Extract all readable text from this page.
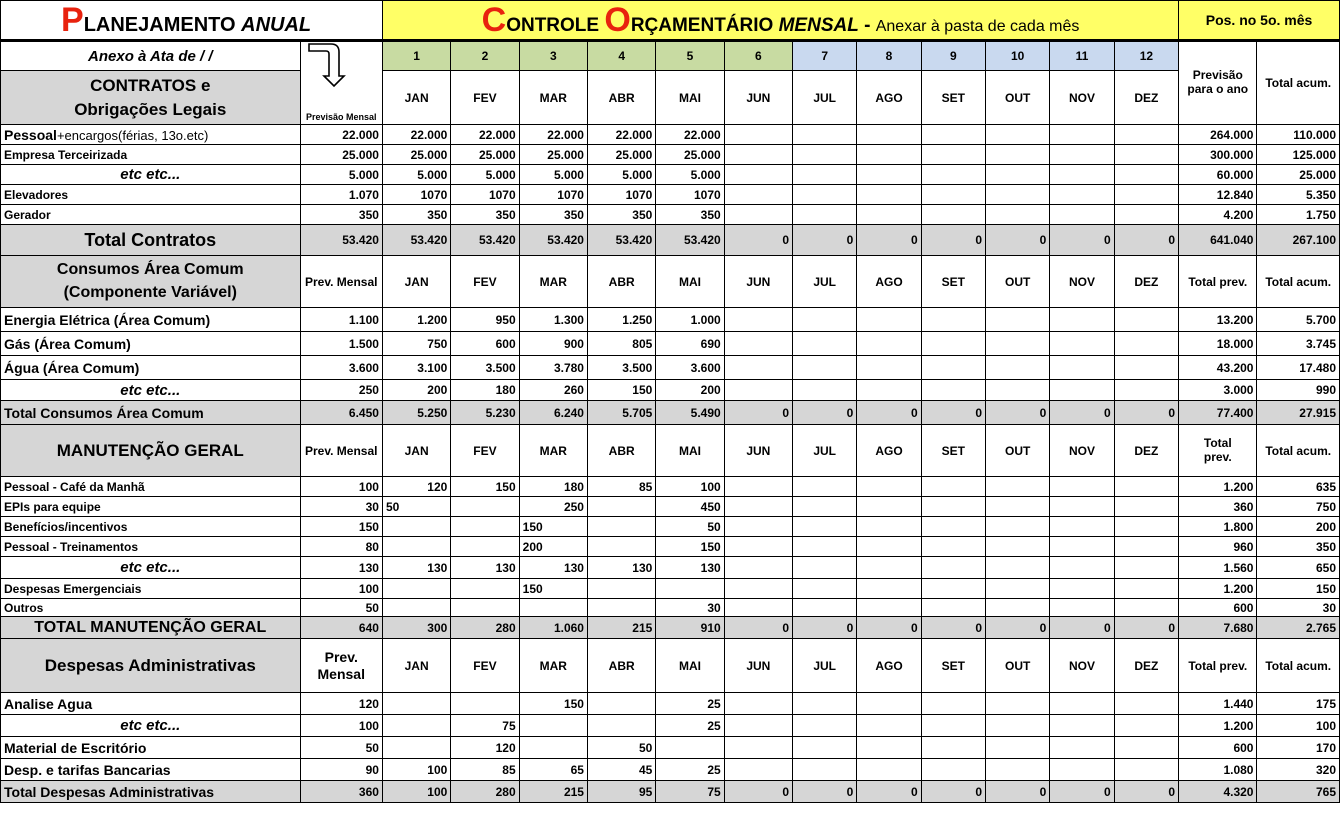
PLANEJAMENTO ANUAL		CONTROLE ORÇAMENTÁRIO MENSAL - Anexar à pasta de cada mês												Pos. no 5o. mês	
Anexo à Ata de / /	Previsão Mensal	1	2	3	4	5	6	7	8	9	10	11	12	Previsão para o ano	Total acum.

CONTRATOS e
Obrigações Legais		JAN	FEV	MAR	ABR	MAI	JUN	JUL	AGO	SET	OUT	NOV	DEZ		
Pessoal+encargos(férias, 13o.etc)	22.000	22.000	22.000	22.000	22.000	22.000								264.000	110.000
Empresa Terceirizada	25.000	25.000	25.000	25.000	25.000	25.000								300.000	125.000
etc etc...	5.000	5.000	5.000	5.000	5.000	5.000								60.000	25.000
Elevadores	1.070	1070	1070	1070	1070	1070								12.840	5.350
Gerador	350	350	350	350	350	350								4.200	1.750
Total Contratos	53.420	53.420	53.420	53.420	53.420	53.420	0	0	0	0	0	0	0	641.040	267.100

Consumos Área Comum
(Componente Variável)	Prev. Mensal	JAN	FEV	MAR	ABR	MAI	JUN	JUL	AGO	SET	OUT	NOV	DEZ	Total prev.	Total acum.
Energia Elétrica (Área Comum)	1.100	1.200	950	1.300	1.250	1.000								13.200	5.700
Gás (Área Comum)	1.500	750	600	900	805	690								18.000	3.745
Água (Área Comum)	3.600	3.100	3.500	3.780	3.500	3.600								43.200	17.480
etc etc...	250	200	180	260	150	200								3.000	990
Total Consumos Área Comum	6.450	5.250	5.230	6.240	5.705	5.490	0	0	0	0	0	0	0	77.400	27.915
MANUTENÇÃO GERAL	Prev. Mensal	JAN	FEV	MAR	ABR	MAI	JUN	JUL	AGO	SET	OUT	NOV	DEZ	Total prev.	Total acum.
Pessoal - Café da Manhã	100	120	150	180	85	100								1.200	635
EPIs para equipe	30	50		250		450								360	750
Benefícios/incentivos	150			150		50								1.800	200
Pessoal - Treinamentos	80			200		150								960	350
etc etc...	130	130	130	130	130	130								1.560	650
Despesas Emergenciais	100			150										1.200	150
Outros	50					30								600	30
TOTAL MANUTENÇÃO GERAL	640	300	280	1.060	215	910	0	0	0	0	0	0	0	7.680	2.765
Despesas Administrativas	Prev. Mensal	JAN	FEV	MAR	ABR	MAI	JUN	JUL	AGO	SET	OUT	NOV	DEZ	Total prev.	Total acum.
Analise Agua	120			150		25								1.440	175
etc etc...	100		75			25								1.200	100
Material de Escritório	50		120		50									600	170
Desp. e tarifas Bancarias	90	100	85	65	45	25								1.080	320
Total Despesas Administrativas	360	100	280	215	95	75	0	0	0	0	0	0	0	4.320	765
